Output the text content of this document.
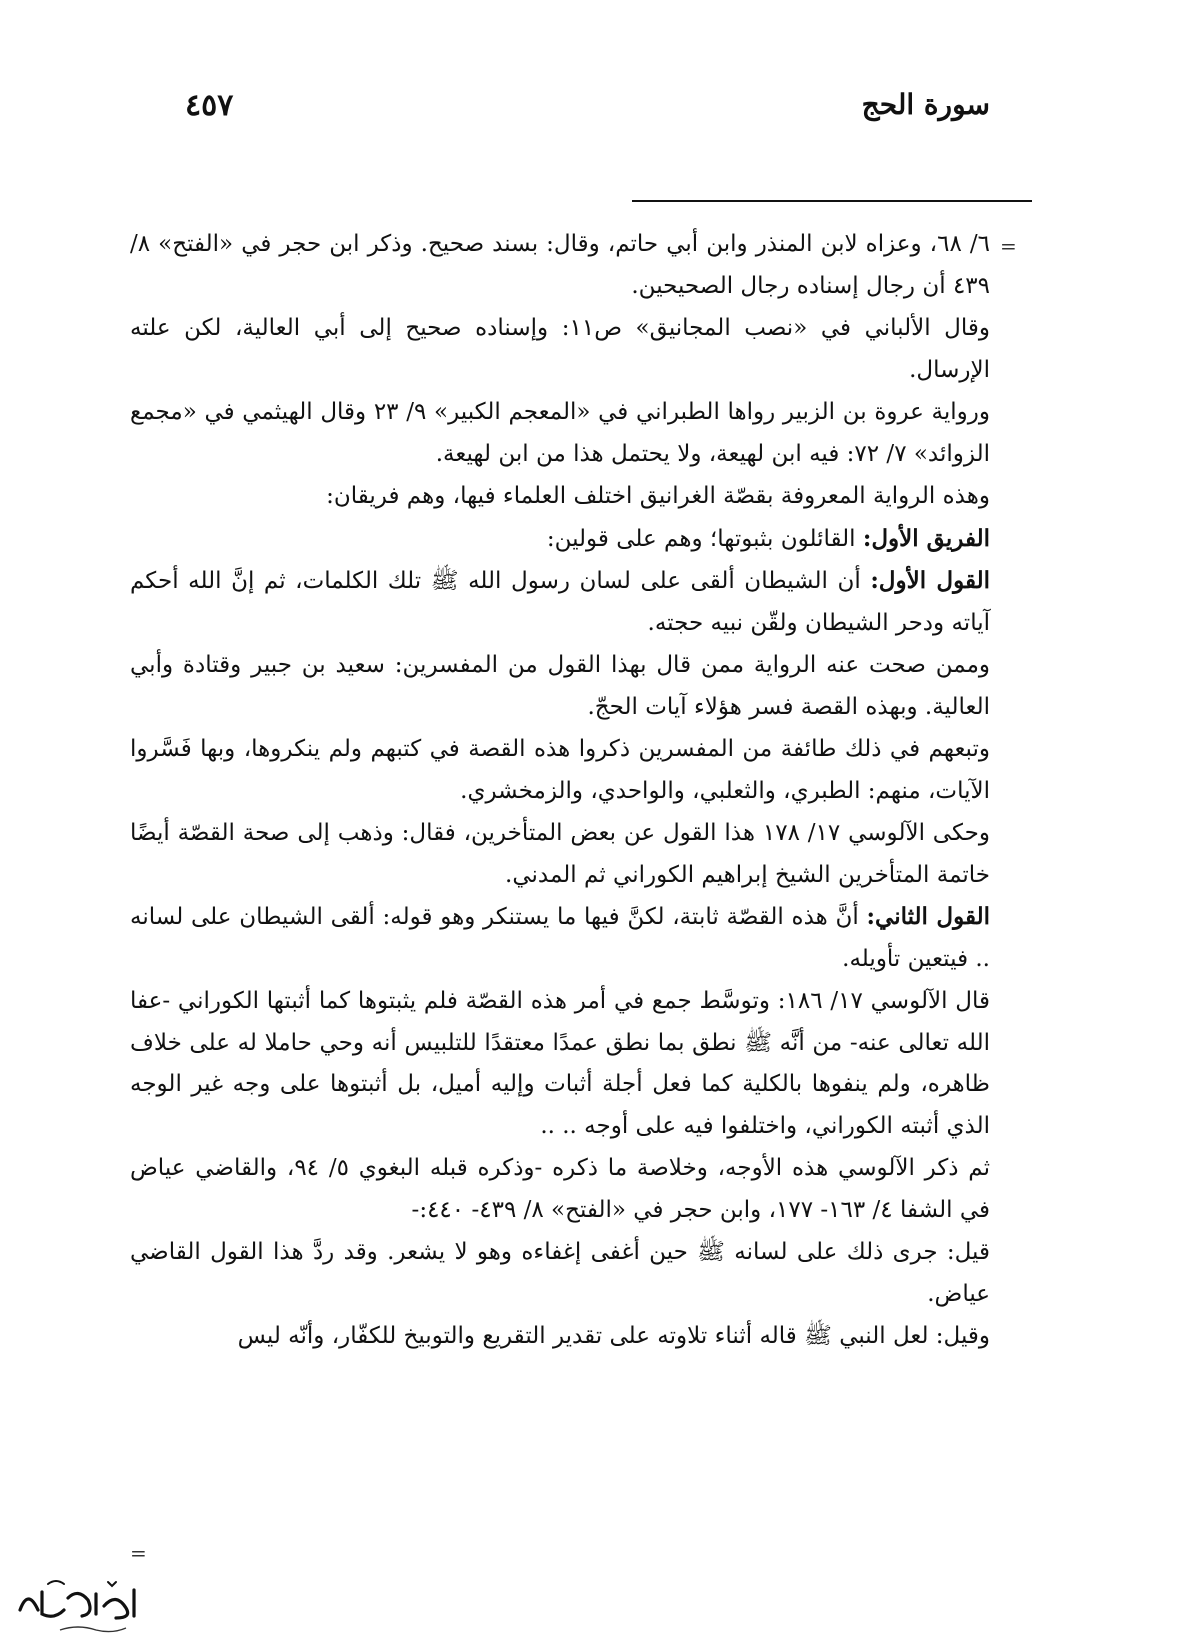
سورة الحج
٤٥٧
=

٦/ ٦٨، وعزاه لابن المنذر وابن أبي حاتم، وقال: بسند صحيح. وذكر ابن حجر في «الفتح» ٨/ ٤٣٩ أن رجال إسناده رجال الصحيحين.

وقال الألباني في «نصب المجانيق» ص١١: وإسناده صحيح إلى أبي العالية، لكن علته الإرسال.

ورواية عروة بن الزبير رواها الطبراني في «المعجم الكبير» ٩/ ٢٣ وقال الهيثمي في «مجمع الزوائد» ٧/ ٧٢: فيه ابن لهيعة، ولا يحتمل هذا من ابن لهيعة.

وهذه الرواية المعروفة بقصّة الغرانيق اختلف العلماء فيها، وهم فريقان:

الفريق الأول: القائلون بثبوتها؛ وهم على قولين:

القول الأول: أن الشيطان ألقى على لسان رسول الله ﷺ تلك الكلمات، ثم إنَّ الله أحكم آياته ودحر الشيطان ولقّن نبيه حجته.

وممن صحت عنه الرواية ممن قال بهذا القول من المفسرين: سعيد بن جبير وقتادة وأبي العالية. وبهذه القصة فسر هؤلاء آيات الحجّ.

وتبعهم في ذلك طائفة من المفسرين ذكروا هذه القصة في كتبهم ولم ينكروها، وبها فَسَّروا الآيات، منهم: الطبري، والثعلبي، والواحدي، والزمخشري.

وحكى الآلوسي ١٧/ ١٧٨ هذا القول عن بعض المتأخرين، فقال: وذهب إلى صحة القصّة أيضًا خاتمة المتأخرين الشيخ إبراهيم الكوراني ثم المدني.

القول الثاني: أنَّ هذه القصّة ثابتة، لكنَّ فيها ما يستنكر وهو قوله: ألقى الشيطان على لسانه .. فيتعين تأويله.

قال الآلوسي ١٧/ ١٨٦: وتوسَّط جمع في أمر هذه القصّة فلم يثبتوها كما أثبتها الكوراني -عفا الله تعالى عنه- من أنَّه ﷺ نطق بما نطق عمدًا معتقدًا للتلبيس أنه وحي حاملا له على خلاف ظاهره، ولم ينفوها بالكلية كما فعل أجلة أثبات وإليه أميل، بل أثبتوها على وجه غير الوجه الذي أثبته الكوراني، واختلفوا فيه على أوجه .. ..

ثم ذكر الآلوسي هذه الأوجه، وخلاصة ما ذكره -وذكره قبله البغوي ٥/ ٩٤، والقاضي عياض في الشفا ٤/ ١٦٣- ١٧٧، وابن حجر في «الفتح» ٨/ ٤٣٩- ٤٤٠:-

قيل: جرى ذلك على لسانه ﷺ حين أغفى إغفاءه وهو لا يشعر. وقد ردَّ هذا القول القاضي عياض.

وقيل: لعل النبي ﷺ قاله أثناء تلاوته على تقدير التقريع والتوبيخ للكفّار، وأنّه ليس

=
